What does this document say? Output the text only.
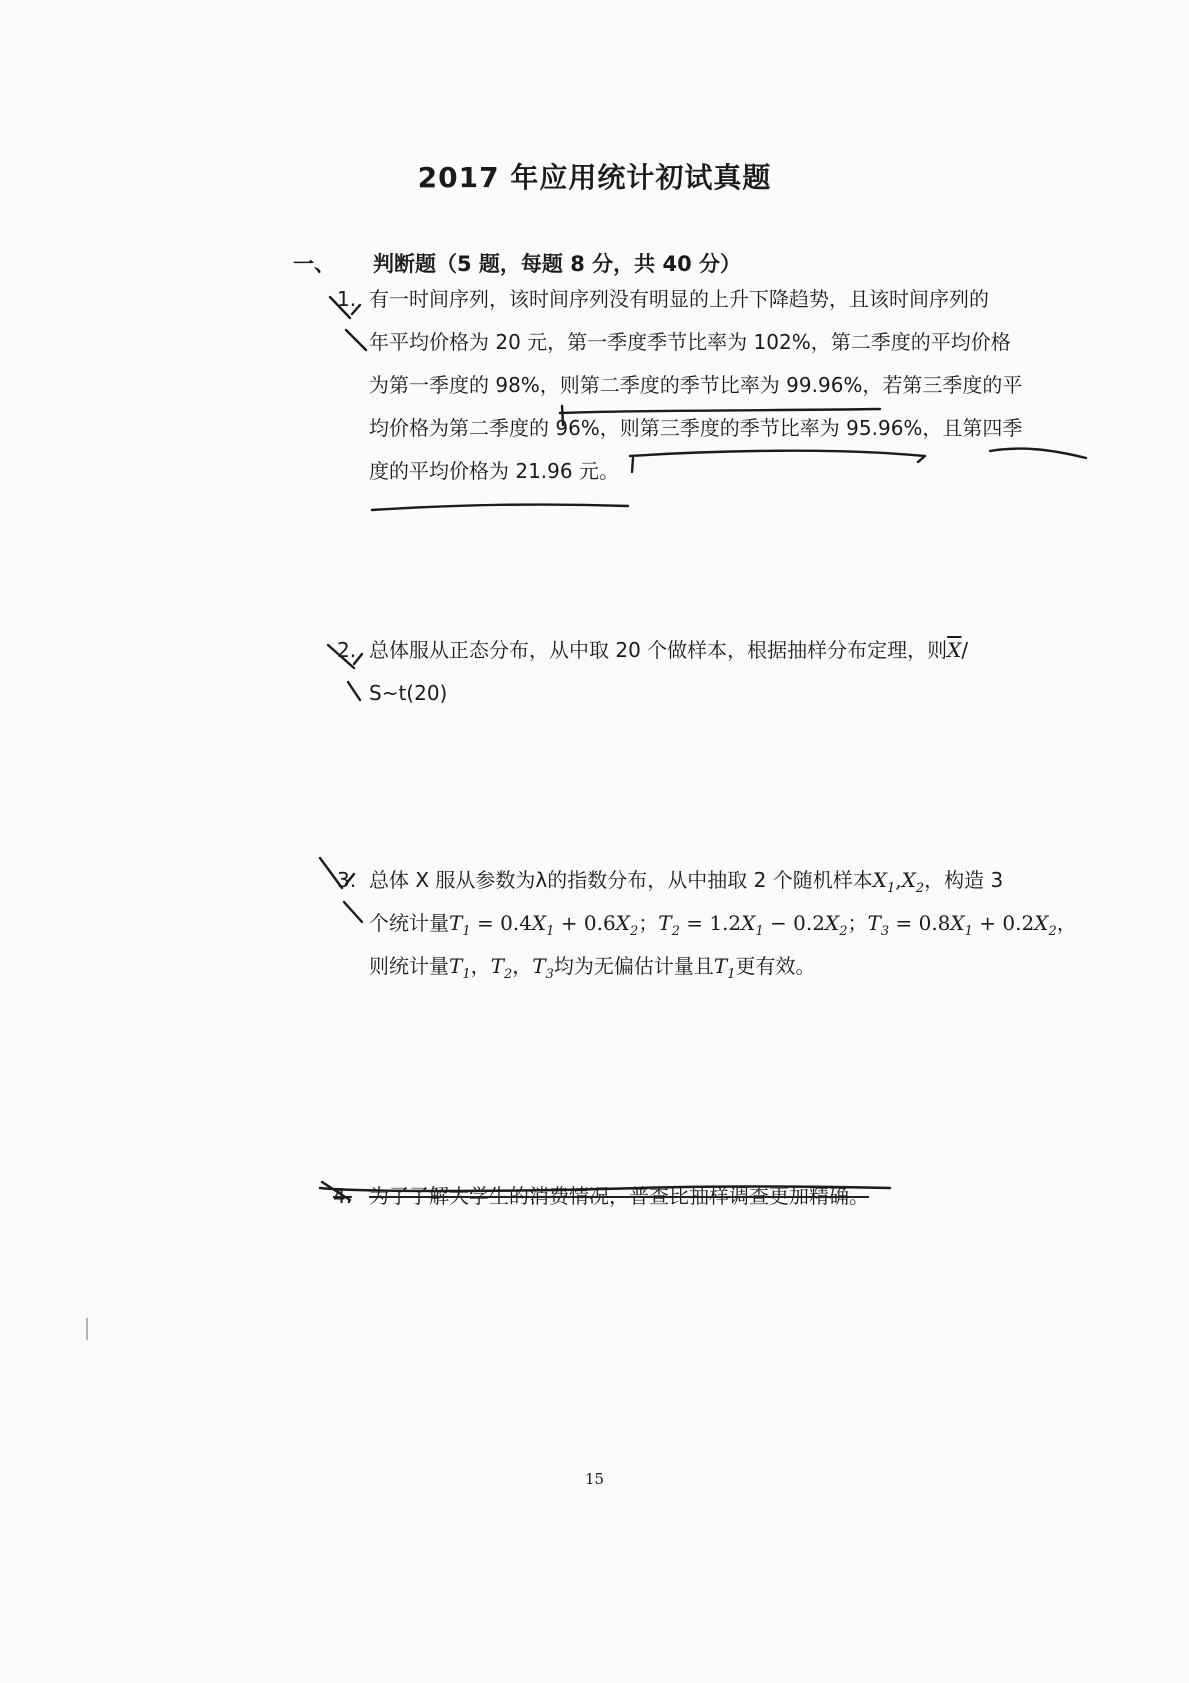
2017 年应用统计初试真题
一、 判断题（5 题，每题 8 分，共 40 分）
1. 有一时间序列，该时间序列没有明显的上升下降趋势，且该时间序列的
年平均价格为 20 元，第一季度季节比率为 102%，第二季度的平均价格
为第一季度的 98%，则第二季度的季节比率为 99.96%，若第三季度的平
均价格为第二季度的 96%，则第三季度的季节比率为 95.96%，且第四季
度的平均价格为 21.96 元。
2. 总体服从正态分布，从中取 20 个做样本，根据抽样分布定理，则$\overline{X}/$
S~t(20)
3. 总体 X 服从参数为λ的指数分布，从中抽取 2 个随机样本$X_1,X_2$，构造 3
个统计量$T_1 = 0.4X_1 + 0.6X_2$；$T_2 = 1.2X_1 - 0.2X_2$；$T_3 = 0.8X_1 + 0.2X_2$，
则统计量$T_1$，$T_2$，$T_3$均为无偏估计量且$T_1$更有效。
4. 为了了解大学生的消费情况，普查比抽样调查更加精确。
15
